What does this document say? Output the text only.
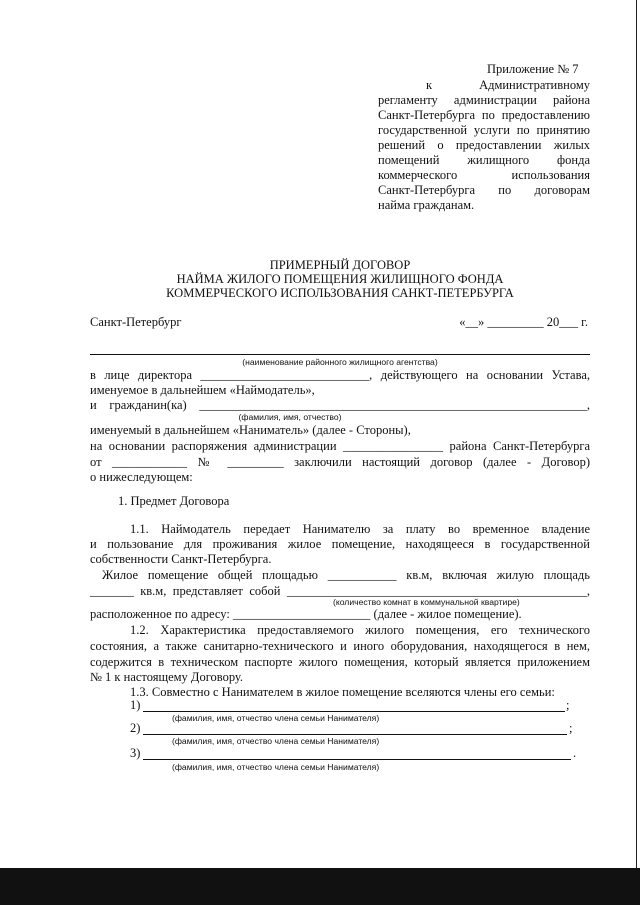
Приложение № 7
к Административному
регламенту администрации района
Санкт-Петербурга по предоставлению
государственной услуги по принятию
решений о предоставлении жилых
помещений жилищного фонда
коммерческого использования
Санкт-Петербурга по договорам
найма гражданам.
ПРИМЕРНЫЙ ДОГОВОР
НАЙМА ЖИЛОГО ПОМЕЩЕНИЯ ЖИЛИЩНОГО ФОНДА
КОММЕРЧЕСКОГО ИСПОЛЬЗОВАНИЯ САНКТ-ПЕТЕРБУРГА
Санкт-Петербург	«__» _________ 20___ г.
(наименование районного жилищного агентства)
в лице директора ___________________________, действующего на основании Устава,
именуемое в дальнейшем «Наймодатель»,
и гражданин(ка) ______________________________________________________________,
(фамилия, имя, отчество)
именуемый в дальнейшем «Наниматель» (далее - Стороны),
на основании распоряжения администрации ________________ района Санкт-Петербурга
от ____________ № _________ заключили настоящий договор (далее - Договор)
о нижеследующем:
1. Предмет Договора
1.1. Наймодатель передает Нанимателю за плату во временное владение
и пользование для проживания жилое помещение, находящееся в государственной
собственности Санкт-Петербурга.
Жилое помещение общей площадью ___________ кв.м, включая жилую площадь
_______ кв.м, представляет собой ________________________________________________,
(количество комнат в коммунальной квартире)
расположенное по адресу: ______________________ (далее - жилое помещение).
1.2. Характеристика предоставляемого жилого помещения, его технического
состояния, а также санитарно-технического и иного оборудования, находящегося в нем,
содержится в техническом паспорте жилого помещения, который является приложением
№ 1 к настоящему Договору.
1.3. Совместно с Нанимателем в жилое помещение вселяются члены его семьи:
1)	;
(фамилия, имя, отчество члена семьи Нанимателя)
2)	;
(фамилия, имя, отчество члена семьи Нанимателя)
3)	.
(фамилия, имя, отчество члена семьи Нанимателя)
